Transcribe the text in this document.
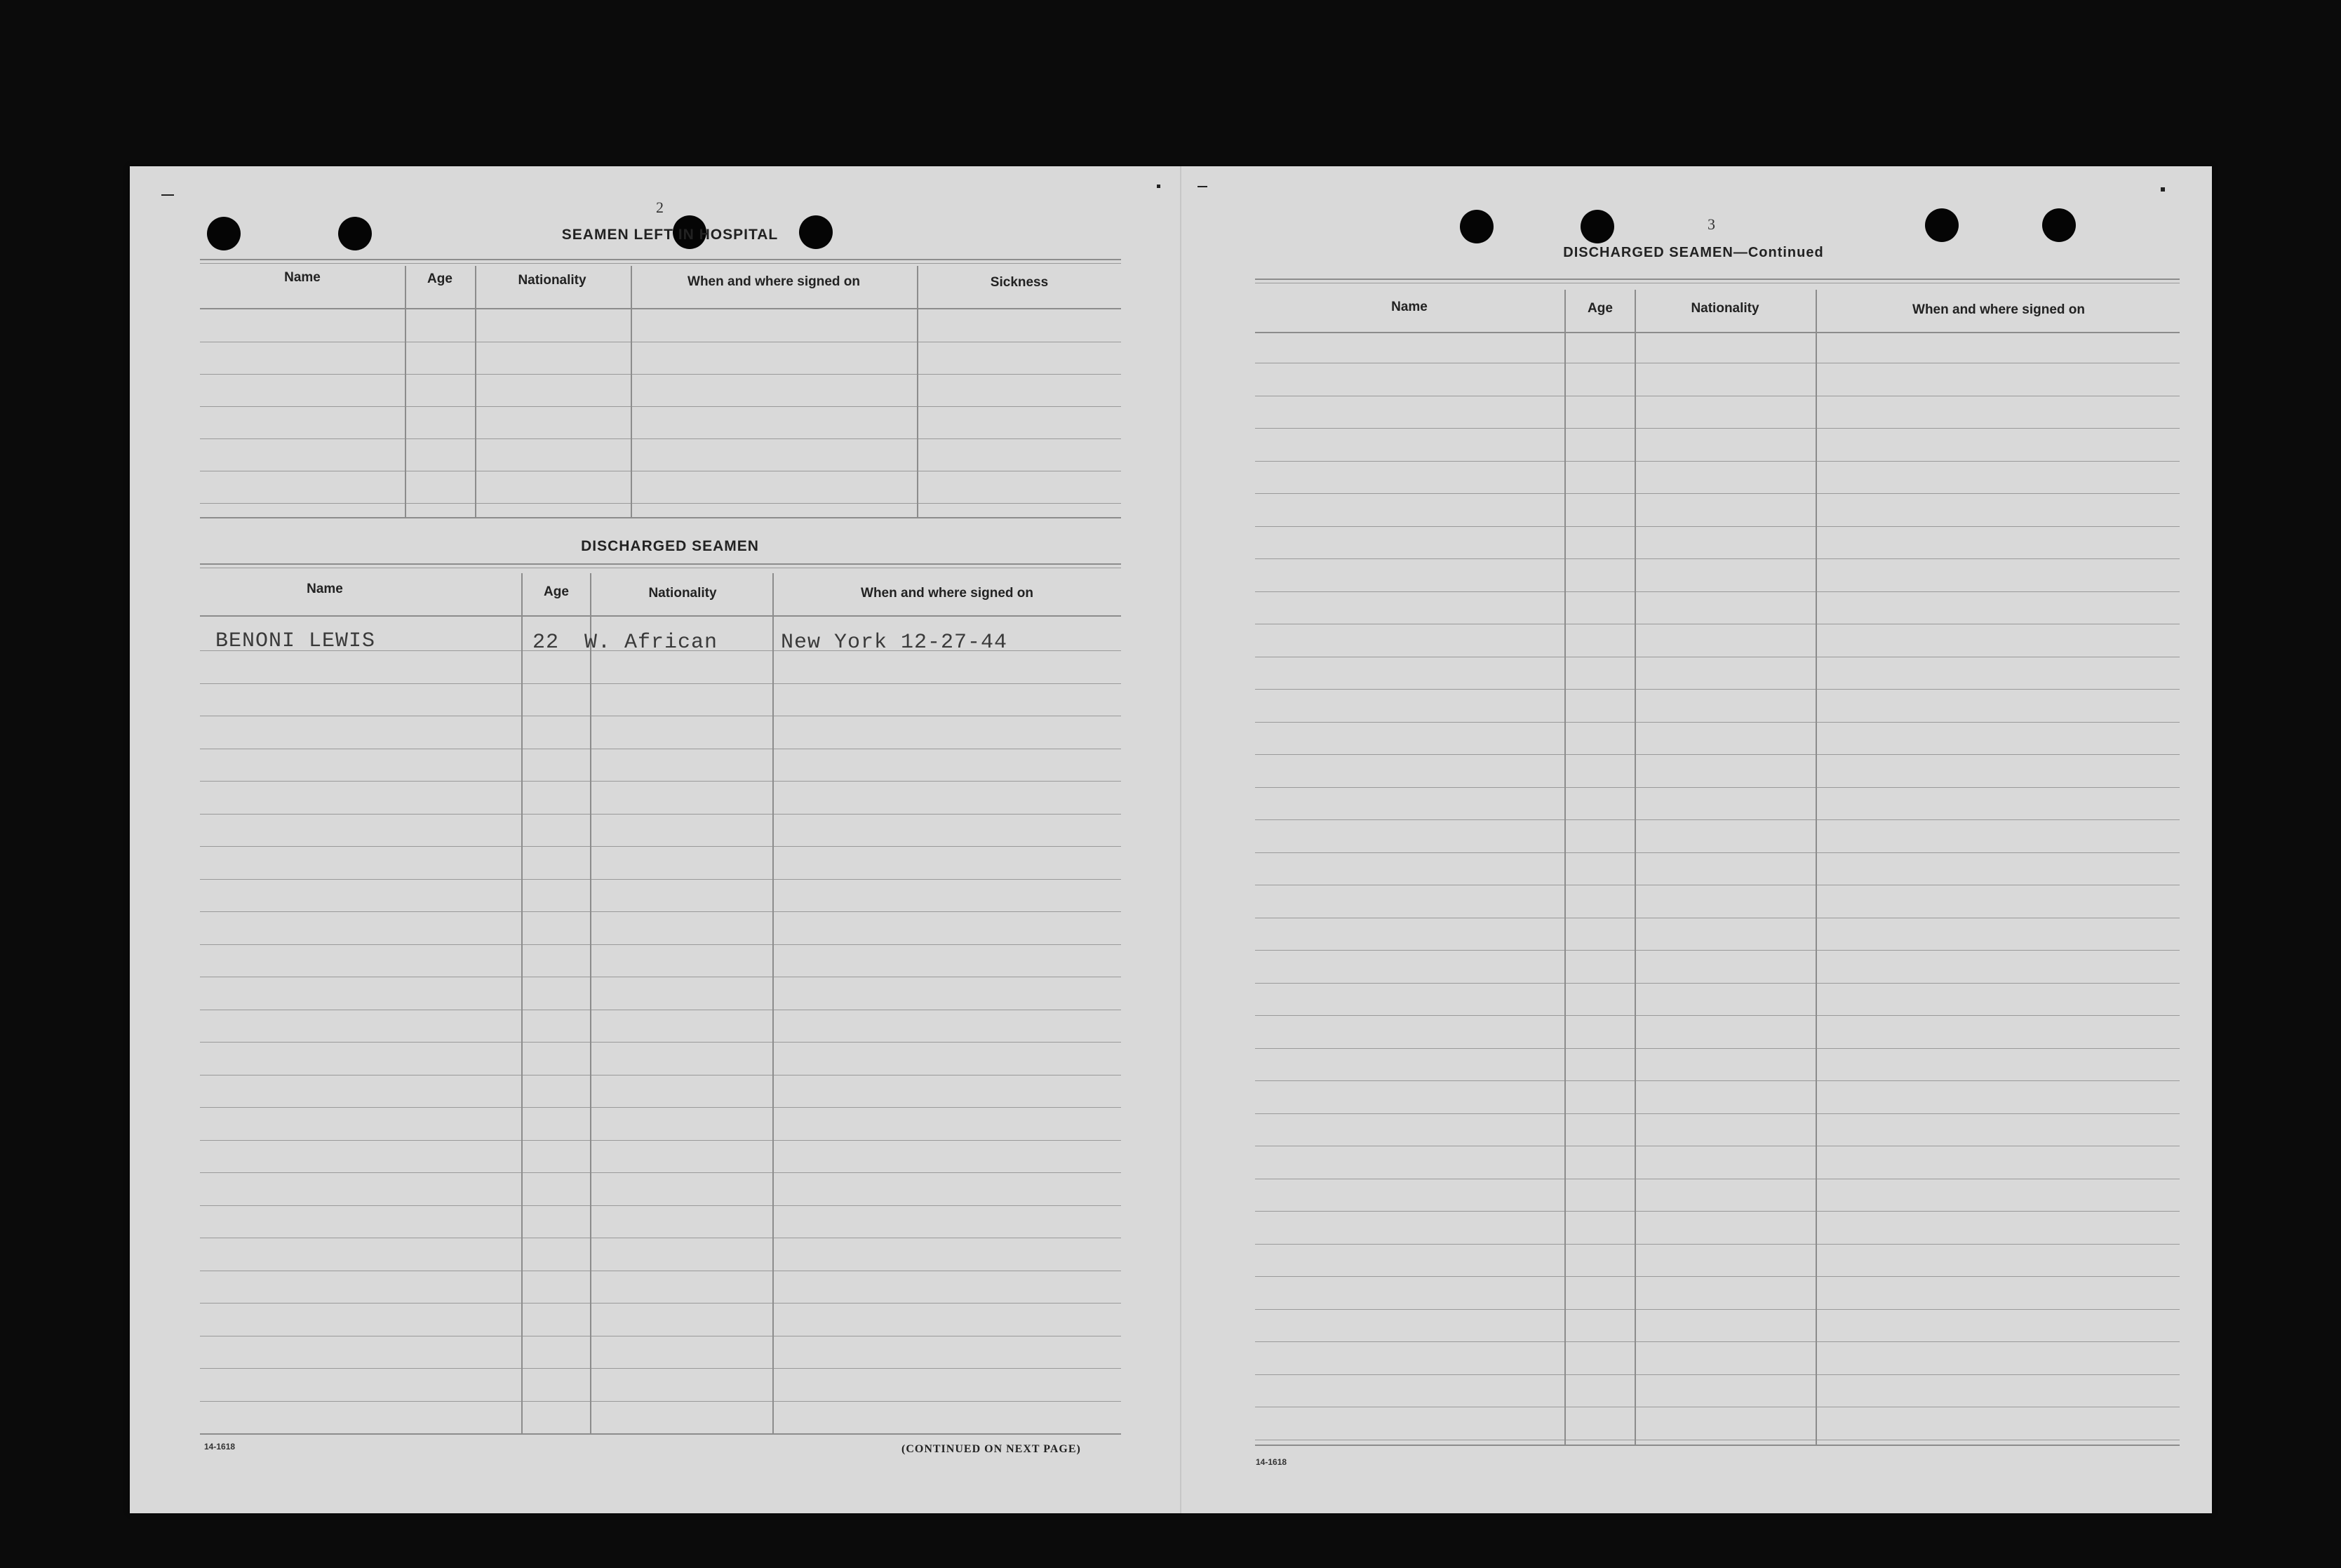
2
SEAMEN LEFT IN HOSPITAL
Name	Age	Nationality	When and where signed on	Sickness
DISCHARGED SEAMEN
Name	Age	Nationality	When and where signed on
BENONI LEWIS	22 W. African	New York 12-27-44
14-1618	(CONTINUED ON NEXT PAGE)
3
DISCHARGED SEAMEN—Continued
Name	Age	Nationality	When and where signed on
14-1618
